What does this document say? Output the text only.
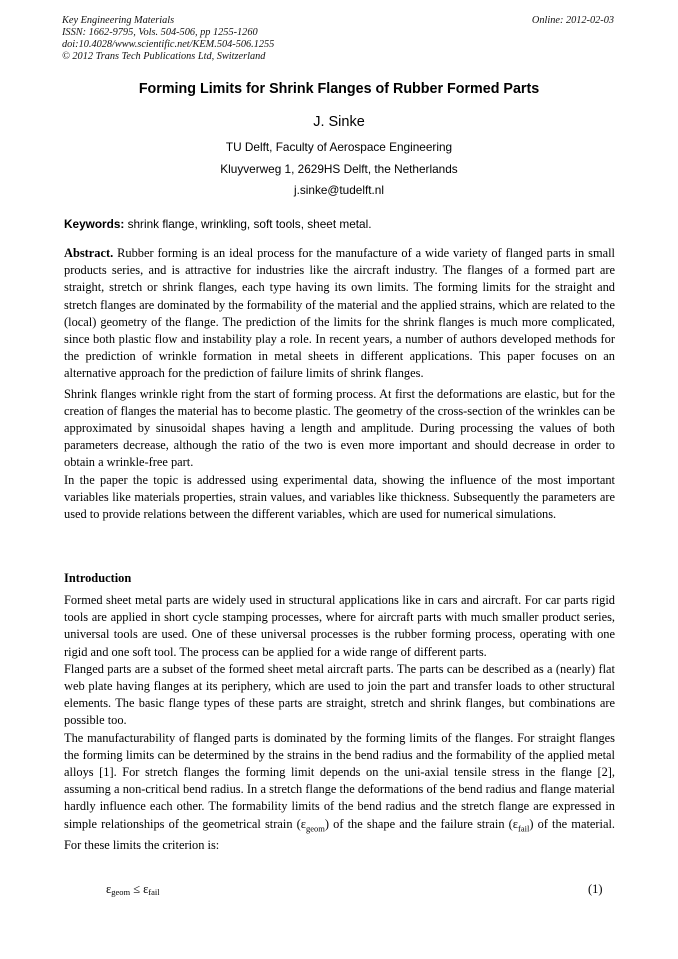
Key Engineering Materials
ISSN: 1662-9795, Vols. 504-506, pp 1255-1260
doi:10.4028/www.scientific.net/KEM.504-506.1255
© 2012 Trans Tech Publications Ltd, Switzerland
Online: 2012-02-03
Forming Limits for Shrink Flanges of Rubber Formed Parts
J. Sinke
TU Delft, Faculty of Aerospace Engineering
Kluyverweg 1, 2629HS Delft, the Netherlands
j.sinke@tudelft.nl
Keywords: shrink flange, wrinkling, soft tools, sheet metal.

Abstract. Rubber forming is an ideal process for the manufacture of a wide variety of flanged parts in small products series, and is attractive for industries like the aircraft industry. The flanges of a formed part are straight, stretch or shrink flanges, each type having its own limits. The forming limits for the straight and stretch flanges are dominated by the formability of the material and the applied strains, which are related to the (local) geometry of the flange. The prediction of the limits for the shrink flanges is much more complicated, since both plastic flow and instability play a role. In recent years, a number of authors developed methods for the prediction of wrinkle formation in metal sheets in different applications. This paper focuses on an alternative approach for the prediction of failure limits of shrink flanges.

Shrink flanges wrinkle right from the start of forming process. At first the deformations are elastic, but for the creation of flanges the material has to become plastic. The geometry of the cross-section of the wrinkles can be approximated by sinusoidal shapes having a length and amplitude. During processing the values of both parameters decrease, although the ratio of the two is even more important and should decrease in order to obtain a wrinkle-free part.

In the paper the topic is addressed using experimental data, showing the influence of the most important variables like materials properties, strain values, and variables like thickness. Subsequently the parameters are used to provide relations between the different variables, which are used for numerical simulations.

Introduction

Formed sheet metal parts are widely used in structural applications like in cars and aircraft. For car parts rigid tools are applied in short cycle stamping processes, where for aircraft parts with much smaller product series, universal tools are used. One of these universal processes is the rubber forming process, operating with one rigid and one soft tool. The process can be applied for a wide range of different parts.

Flanged parts are a subset of the formed sheet metal aircraft parts. The parts can be described as a (nearly) flat web plate having flanges at its periphery, which are used to join the part and transfer loads to other structural elements. The basic flange types of these parts are straight, stretch and shrink flanges, but combinations are possible too.

The manufacturability of flanged parts is dominated by the forming limits of the flanges. For straight flanges the forming limits can be determined by the strains in the bend radius and the formability of the applied metal alloys [1]. For stretch flanges the forming limit depends on the uni-axial tensile stress in the flange [2], assuming a non-critical bend radius. In a stretch flange the deformations of the bend radius and flange material hardly influence each other. The formability limits of the bend radius and the stretch flange are expressed in simple relationships of the geometrical strain $(\varepsilon_{geom})$ of the shape and the failure strain $(\varepsilon_{fail})$ of the material. For these limits the criterion is:

$\varepsilon_{geom} \le \varepsilon_{fail}$	(1)
